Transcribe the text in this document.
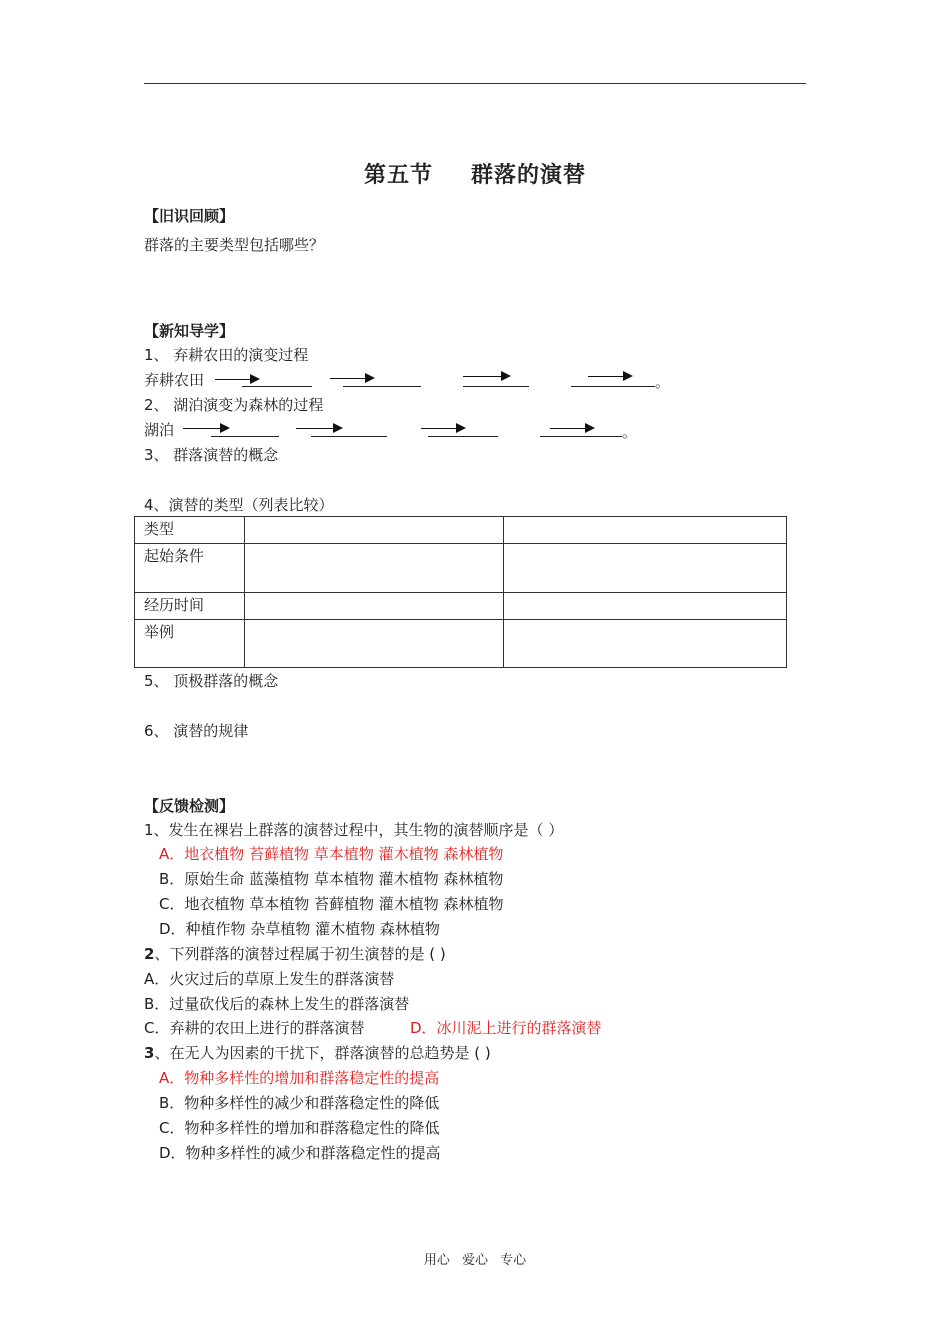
第五节 群落的演替
【旧识回顾】
群落的主要类型包括哪些？
【新知导学】
1、 弃耕农田的演变过程
弃耕农田	。
2、 湖泊演变为森林的过程
湖泊	。
3、 群落演替的概念
4、演替的类型（列表比较）
类型		
起始条件		
经历时间		
举例		
5、 顶极群落的概念
6、 演替的规律
【反馈检测】
1、发生在裸岩上群落的演替过程中，其生物的演替顺序是（ ）
A．地衣植物 苔藓植物 草本植物 灌木植物 森林植物
B．原始生命 蓝藻植物 草本植物 灌木植物 森林植物
C．地衣植物 草本植物 苔藓植物 灌木植物 森林植物
D．种植作物 杂草植物 灌木植物 森林植物
2、下列群落的演替过程属于初生演替的是 ( )
A．火灾过后的草原上发生的群落演替
B．过量砍伐后的森林上发生的群落演替
C．弃耕的农田上进行的群落演替	D．冰川泥上进行的群落演替
3、在无人为因素的干扰下，群落演替的总趋势是 ( )
A．物种多样性的增加和群落稳定性的提高
B．物种多样性的减少和群落稳定性的降低
C．物种多样性的增加和群落稳定性的降低
D．物种多样性的减少和群落稳定性的提高
用心 爱心 专心
